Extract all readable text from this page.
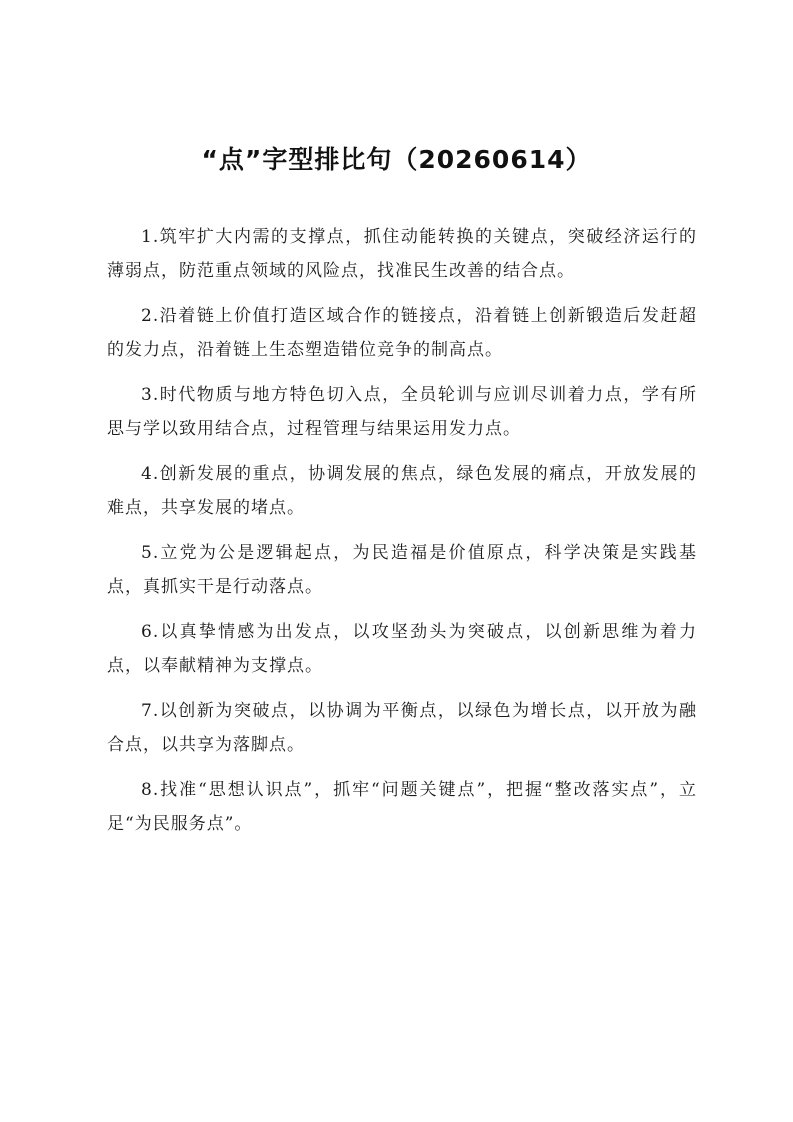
“点”字型排比句（20260614）

1.筑牢扩大内需的支撑点，抓住动能转换的关键点，突破经济运行的薄弱点，防范重点领域的风险点，找准民生改善的结合点。

2.沿着链上价值打造区域合作的链接点，沿着链上创新锻造后发赶超的发力点，沿着链上生态塑造错位竞争的制高点。

3.时代物质与地方特色切入点，全员轮训与应训尽训着力点，学有所思与学以致用结合点，过程管理与结果运用发力点。

4.创新发展的重点，协调发展的焦点，绿色发展的痛点，开放发展的难点，共享发展的堵点。

5.立党为公是逻辑起点，为民造福是价值原点，科学决策是实践基点，真抓实干是行动落点。

6.以真挚情感为出发点，以攻坚劲头为突破点，以创新思维为着力点，以奉献精神为支撑点。

7.以创新为突破点，以协调为平衡点，以绿色为增长点，以开放为融合点，以共享为落脚点。

8.找准“思想认识点”，抓牢“问题关键点”，把握“整改落实点”，立足“为民服务点”。
